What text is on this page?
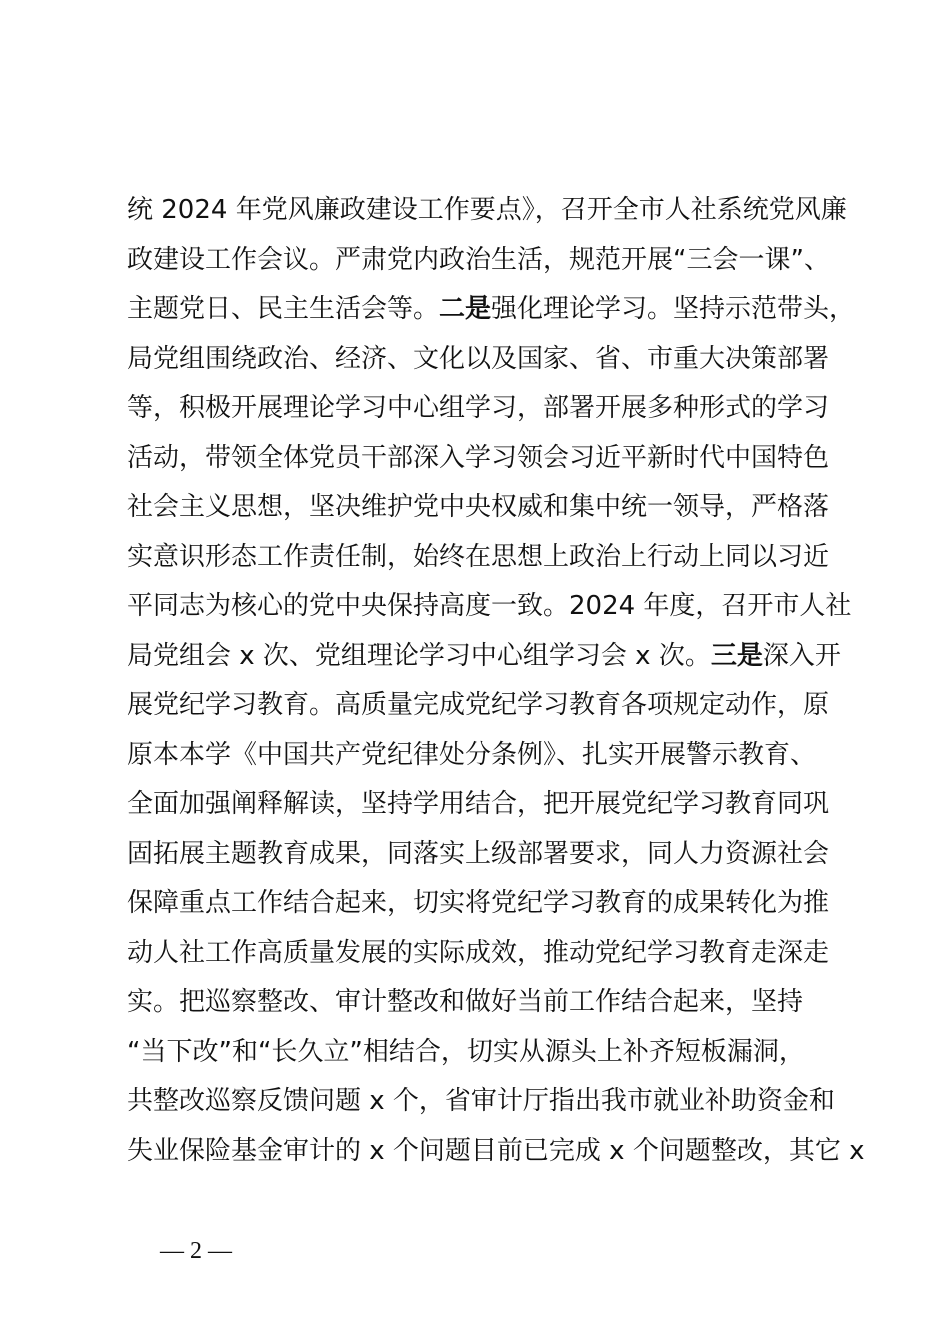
统 2024 年党风廉政建设工作要点》，召开全市人社系统党风廉
政建设工作会议。严肃党内政治生活，规范开展“三会一课”、
主题党日、民主生活会等。二是强化理论学习。坚持示范带头，
局党组围绕政治、经济、文化以及国家、省、市重大决策部署
等，积极开展理论学习中心组学习，部署开展多种形式的学习
活动，带领全体党员干部深入学习领会习近平新时代中国特色
社会主义思想，坚决维护党中央权威和集中统一领导，严格落
实意识形态工作责任制，始终在思想上政治上行动上同以习近
平同志为核心的党中央保持高度一致。2024 年度，召开市人社
局党组会 x 次、党组理论学习中心组学习会 x 次。三是深入开
展党纪学习教育。高质量完成党纪学习教育各项规定动作，原
原本本学《中国共产党纪律处分条例》、扎实开展警示教育、
全面加强阐释解读，坚持学用结合，把开展党纪学习教育同巩
固拓展主题教育成果，同落实上级部署要求，同人力资源社会
保障重点工作结合起来，切实将党纪学习教育的成果转化为推
动人社工作高质量发展的实际成效，推动党纪学习教育走深走
实。把巡察整改、审计整改和做好当前工作结合起来，坚持
“当下改”和“长久立”相结合，切实从源头上补齐短板漏洞，
共整改巡察反馈问题 x 个，省审计厅指出我市就业补助资金和
失业保险基金审计的 x 个问题目前已完成 x 个问题整改，其它 x
— 2 —
